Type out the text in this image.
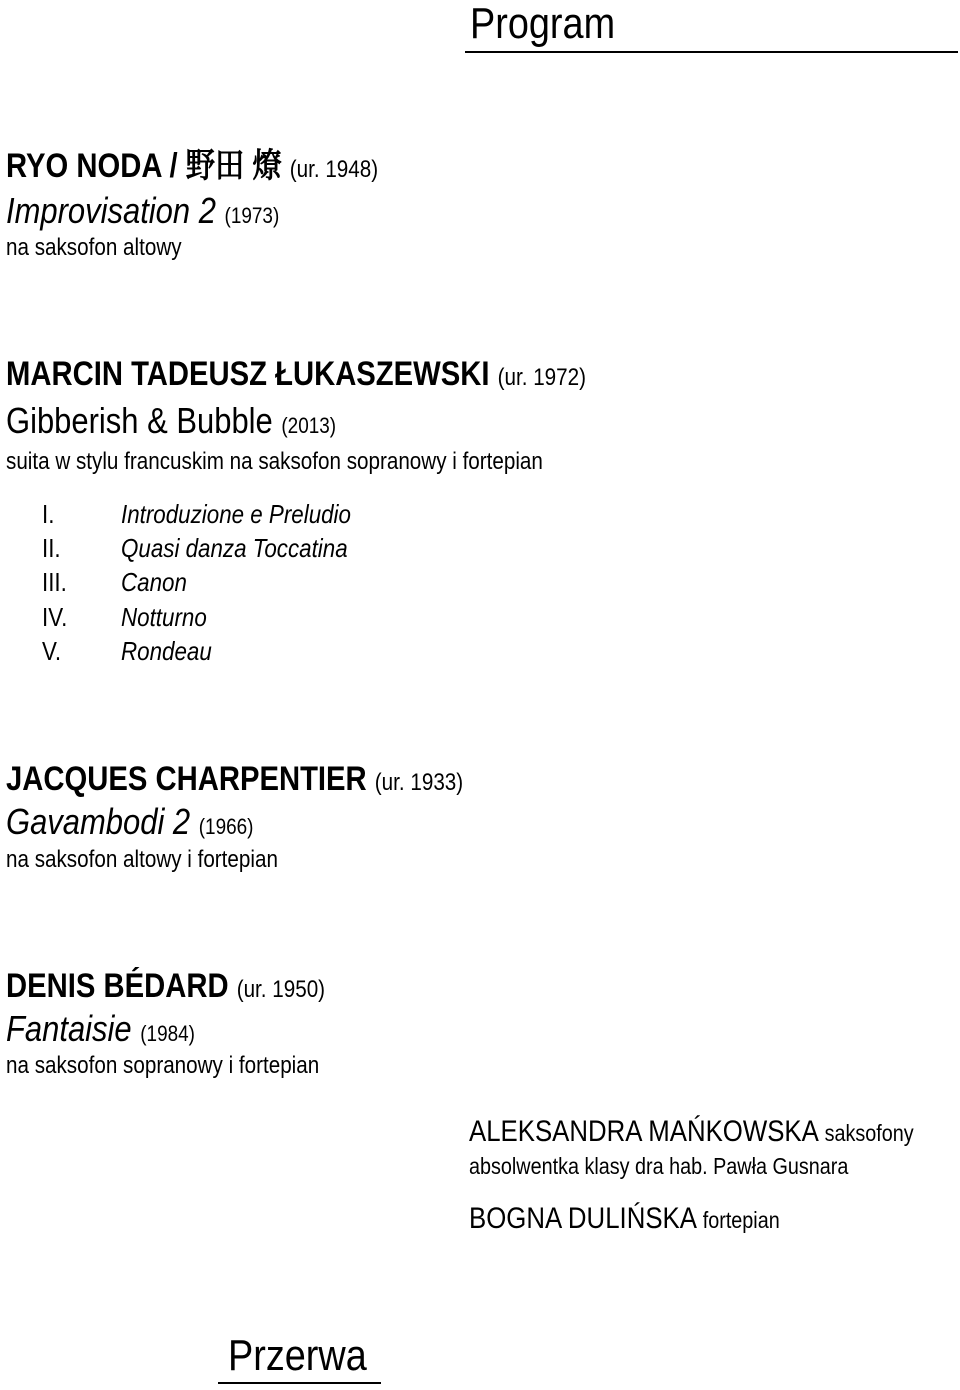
Program
RYO NODA / 野田 燎 (ur. 1948)
Improvisation 2 (1973)
na saksofon altowy
MARCIN TADEUSZ ŁUKASZEWSKI (ur. 1972)
Gibberish & Bubble (2013)
suita w stylu francuskim na saksofon sopranowy i fortepian
I.	Introduzione e Preludio
II. Quasi danza Toccatina
III. Canon
IV. Notturno
V. Rondeau
JACQUES CHARPENTIER (ur. 1933)
Gavambodi 2 (1966)
na saksofon altowy i fortepian
DENIS BÉDARD (ur. 1950)
Fantaisie (1984)
na saksofon sopranowy i fortepian
ALEKSANDRA MAŃKOWSKA saksofony
absolwentka klasy dra hab. Pawła Gusnara
BOGNA DULIŃSKA fortepian
Przerwa
